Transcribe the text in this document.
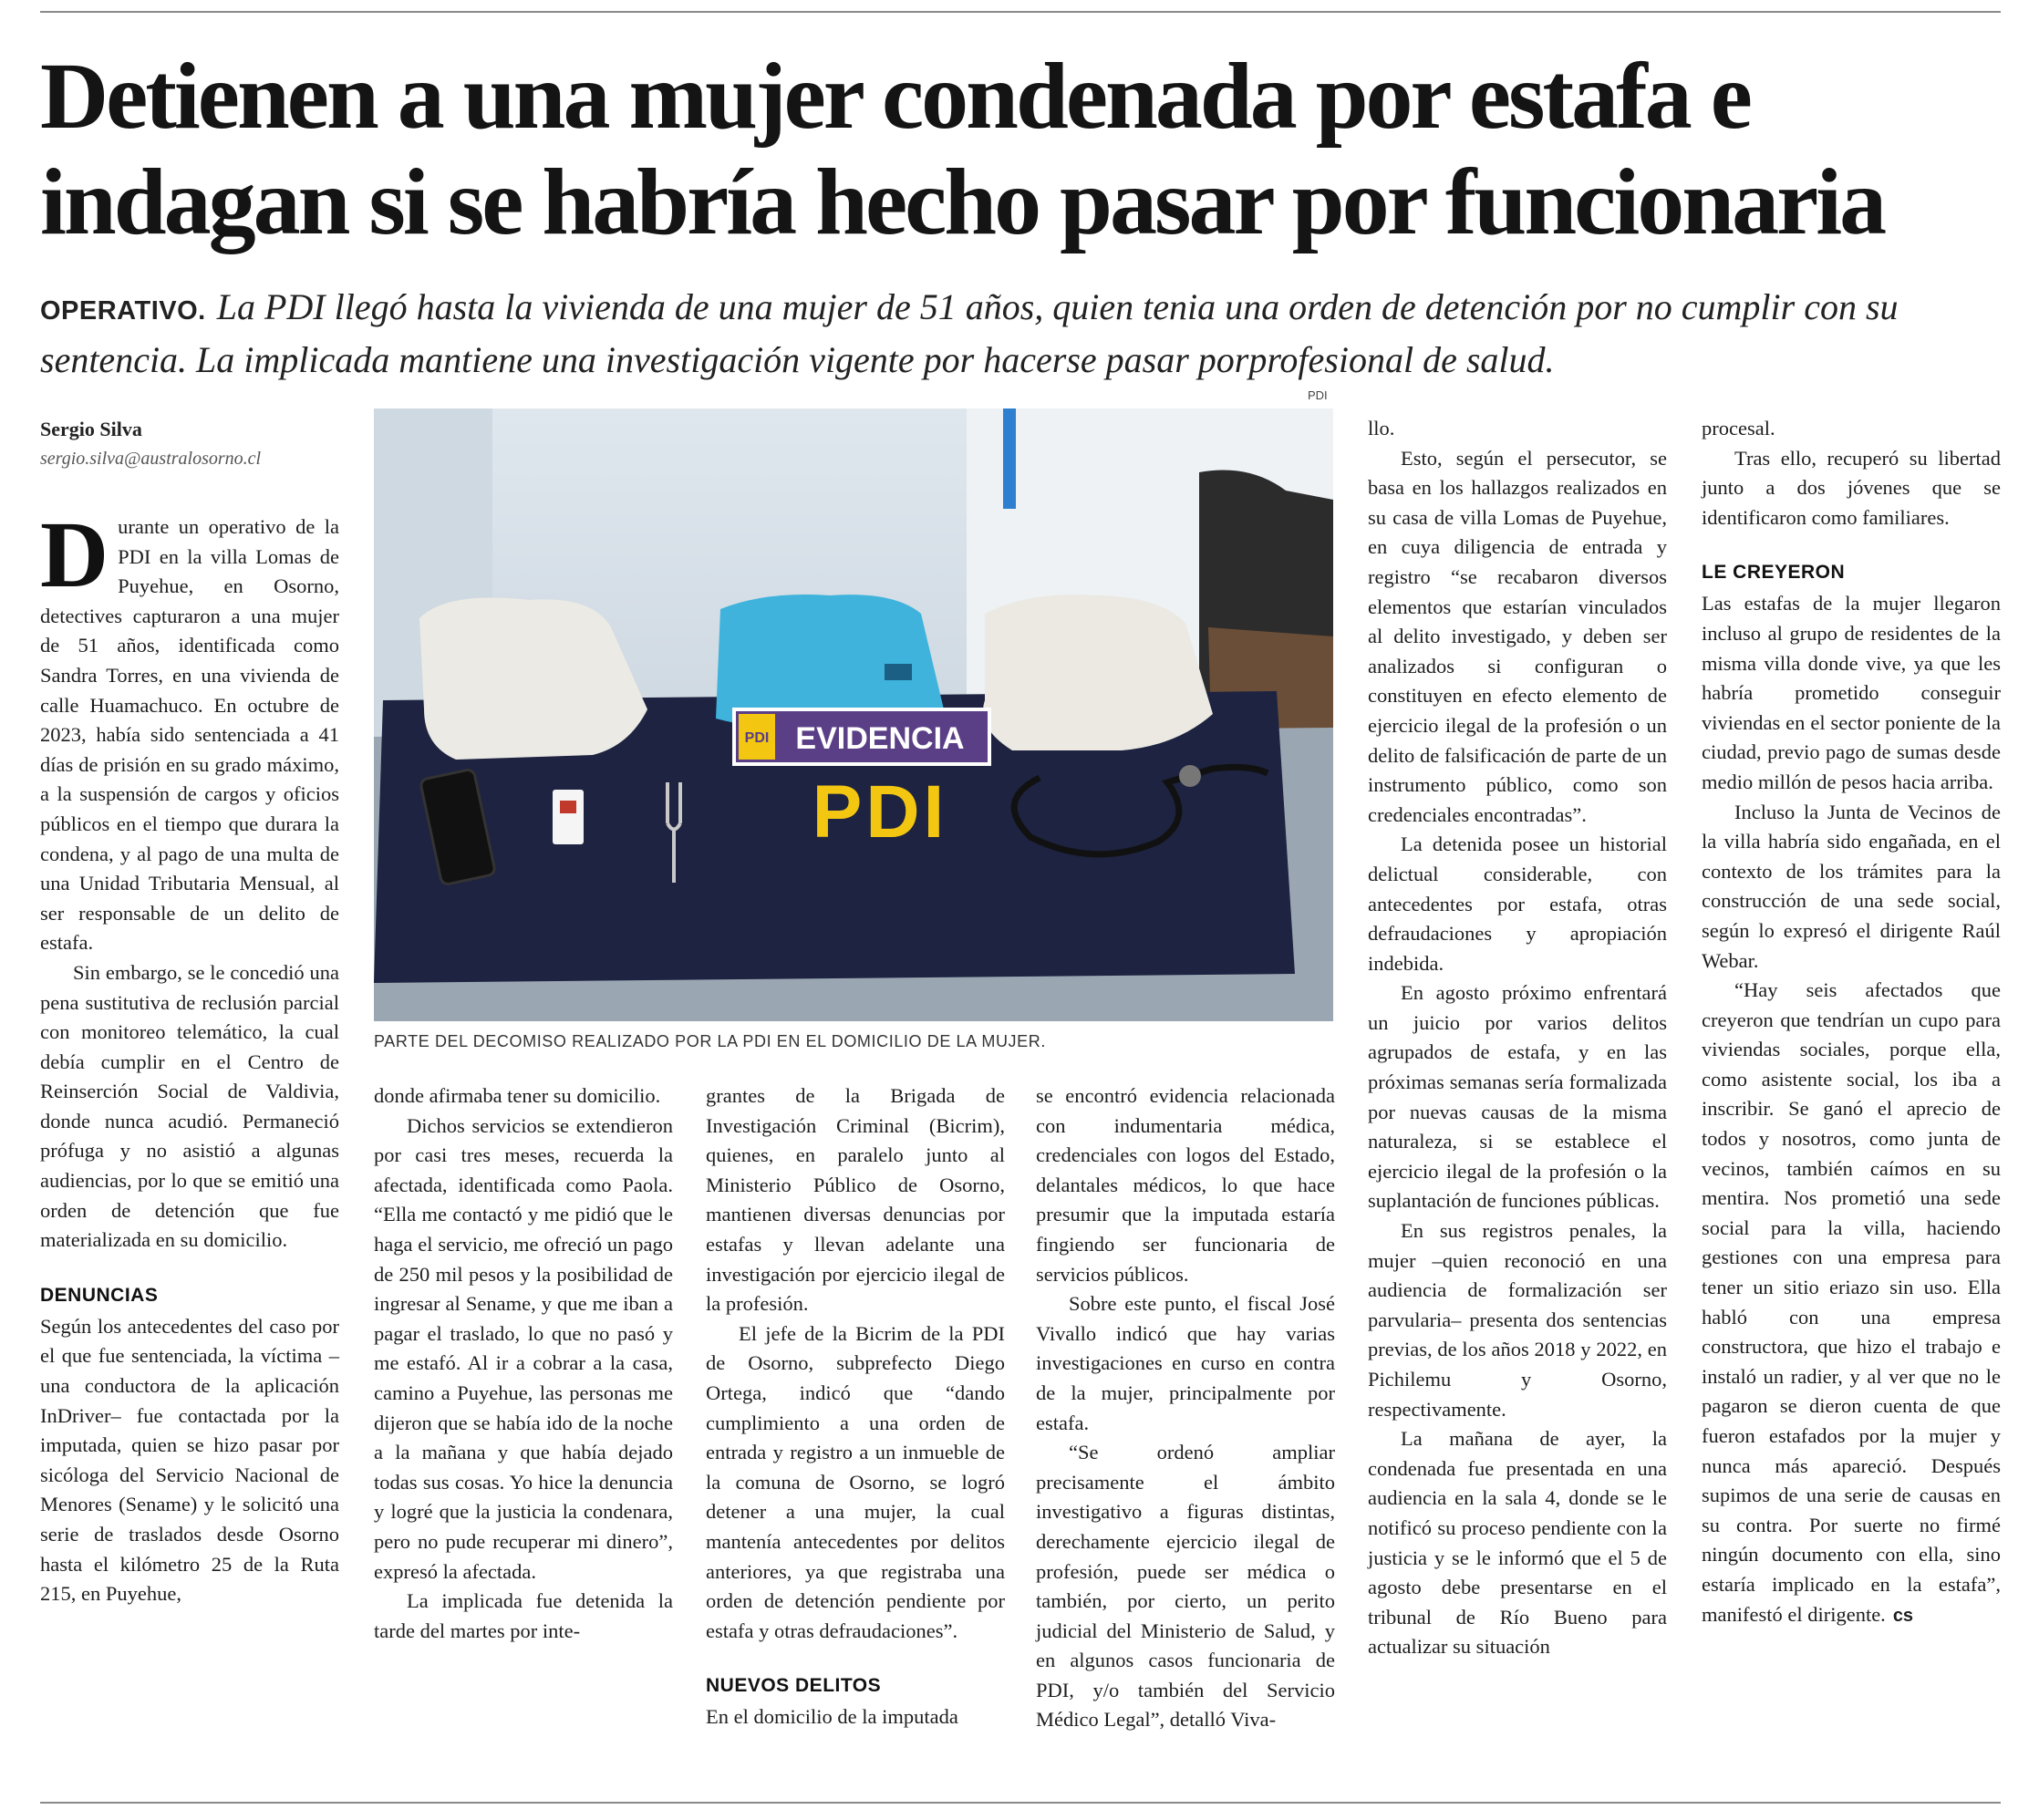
Detienen a una mujer condenada por estafa e
indagan si se habría hecho pasar por funcionaria

OPERATIVO. La PDI llegó hasta la vivienda de una mujer de 51 años, quien tenia una orden de detención por no cumplir con su sentencia. La implicada mantiene una investigación vigente por hacerse pasar porprofesional de salud.

Sergio Silva
sergio.silva@australosorno.cl

Durante un operativo de la PDI en la villa Lomas de Puyehue, en Osorno, detectives capturaron a una mujer de 51 años, identificada como Sandra Torres, en una vivienda de calle Huamachuco. En octubre de 2023, había sido sentenciada a 41 días de prisión en su grado máximo, a la suspensión de cargos y oficios públicos en el tiempo que durara la condena, y al pago de una multa de una Unidad Tributaria Mensual, al ser responsable de un delito de estafa.

Sin embargo, se le concedió una pena sustitutiva de reclusión parcial con monitoreo telemático, la cual debía cumplir en el Centro de Reinserción Social de Valdivia, donde nunca acudió. Permaneció prófuga y no asistió a algunas audiencias, por lo que se emitió una orden de detención que fue materializada en su domicilio.

DENUNCIAS

Según los antecedentes del caso por el que fue sentenciada, la víctima –una conductora de la aplicación InDriver– fue contactada por la imputada, quien se hizo pasar por sicóloga del Servicio Nacional de Menores (Sename) y le solicitó una serie de traslados desde Osorno hasta el kilómetro 25 de la Ruta 215, en Puyehue,

PDI
PDI EVIDENCIA
PDI
PARTE DEL DECOMISO REALIZADO POR LA PDI EN EL DOMICILIO DE LA MUJER.

donde afirmaba tener su domicilio.

Dichos servicios se extendieron por casi tres meses, recuerda la afectada, identificada como Paola. “Ella me contactó y me pidió que le haga el servicio, me ofreció un pago de 250 mil pesos y la posibilidad de ingresar al Sename, y que me iban a pagar el traslado, lo que no pasó y me estafó. Al ir a cobrar a la casa, camino a Puyehue, las personas me dijeron que se había ido de la noche a la mañana y que había dejado todas sus cosas. Yo hice la denuncia y logré que la justicia la condenara, pero no pude recuperar mi dinero”, expresó la afectada.

La implicada fue detenida la tarde del martes por inte-

grantes de la Brigada de Investigación Criminal (Bicrim), quienes, en paralelo junto al Ministerio Público de Osorno, mantienen diversas denuncias por estafas y llevan adelante una investigación por ejercicio ilegal de la profesión.

El jefe de la Bicrim de la PDI de Osorno, subprefecto Diego Ortega, indicó que “dando cumplimiento a una orden de entrada y registro a un inmueble de la comuna de Osorno, se logró detener a una mujer, la cual mantenía antecedentes por delitos anteriores, ya que registraba una orden de detención pendiente por estafa y otras defraudaciones”.

NUEVOS DELITOS

En el domicilio de la imputada

se encontró evidencia relacionada con indumentaria médica, credenciales con logos del Estado, delantales médicos, lo que hace presumir que la imputada estaría fingiendo ser funcionaria de servicios públicos.

Sobre este punto, el fiscal José Vivallo indicó que hay varias investigaciones en curso en contra de la mujer, principalmente por estafa.

“Se ordenó ampliar precisamente el ámbito investigativo a figuras distintas, derechamente ejercicio ilegal de profesión, puede ser médica o también, por cierto, un perito judicial del Ministerio de Salud, y en algunos casos funcionaria de PDI, y/o también del Servicio Médico Legal”, detalló Viva-

llo.

Esto, según el persecutor, se basa en los hallazgos realizados en su casa de villa Lomas de Puyehue, en cuya diligencia de entrada y registro “se recabaron diversos elementos que estarían vinculados al delito investigado, y deben ser analizados si configuran o constituyen en efecto elemento de ejercicio ilegal de la profesión o un delito de falsificación de parte de un instrumento público, como son credenciales encontradas”.

La detenida posee un historial delictual considerable, con antecedentes por estafa, otras defraudaciones y apropiación indebida.

En agosto próximo enfrentará un juicio por varios delitos agrupados de estafa, y en las próximas semanas sería formalizada por nuevas causas de la misma naturaleza, si se establece el ejercicio ilegal de la profesión o la suplantación de funciones públicas.

En sus registros penales, la mujer –quien reconoció en una audiencia de formalización ser parvularia– presenta dos sentencias previas, de los años 2018 y 2022, en Pichilemu y Osorno, respectivamente.

La mañana de ayer, la condenada fue presentada en una audiencia en la sala 4, donde se le notificó su proceso pendiente con la justicia y se le informó que el 5 de agosto debe presentarse en el tribunal de Río Bueno para actualizar su situación

procesal.

Tras ello, recuperó su libertad junto a dos jóvenes que se identificaron como familiares.

LE CREYERON

Las estafas de la mujer llegaron incluso al grupo de residentes de la misma villa donde vive, ya que les habría prometido conseguir viviendas en el sector poniente de la ciudad, previo pago de sumas desde medio millón de pesos hacia arriba.

Incluso la Junta de Vecinos de la villa habría sido engañada, en el contexto de los trámites para la construcción de una sede social, según lo expresó el dirigente Raúl Webar.

“Hay seis afectados que creyeron que tendrían un cupo para viviendas sociales, porque ella, como asistente social, los iba a inscribir. Se ganó el aprecio de todos y nosotros, como junta de vecinos, también caímos en su mentira. Nos prometió una sede social para la villa, haciendo gestiones con una empresa para tener un sitio eriazo sin uso. Ella habló con una empresa constructora, que hizo el trabajo e instaló un radier, y al ver que no le pagaron se dieron cuenta de que fueron estafados por la mujer y nunca más apareció. Después supimos de una serie de causas en su contra. Por suerte no firmé ningún documento con ella, sino estaría implicado en la estafa”, manifestó el dirigente. cs
